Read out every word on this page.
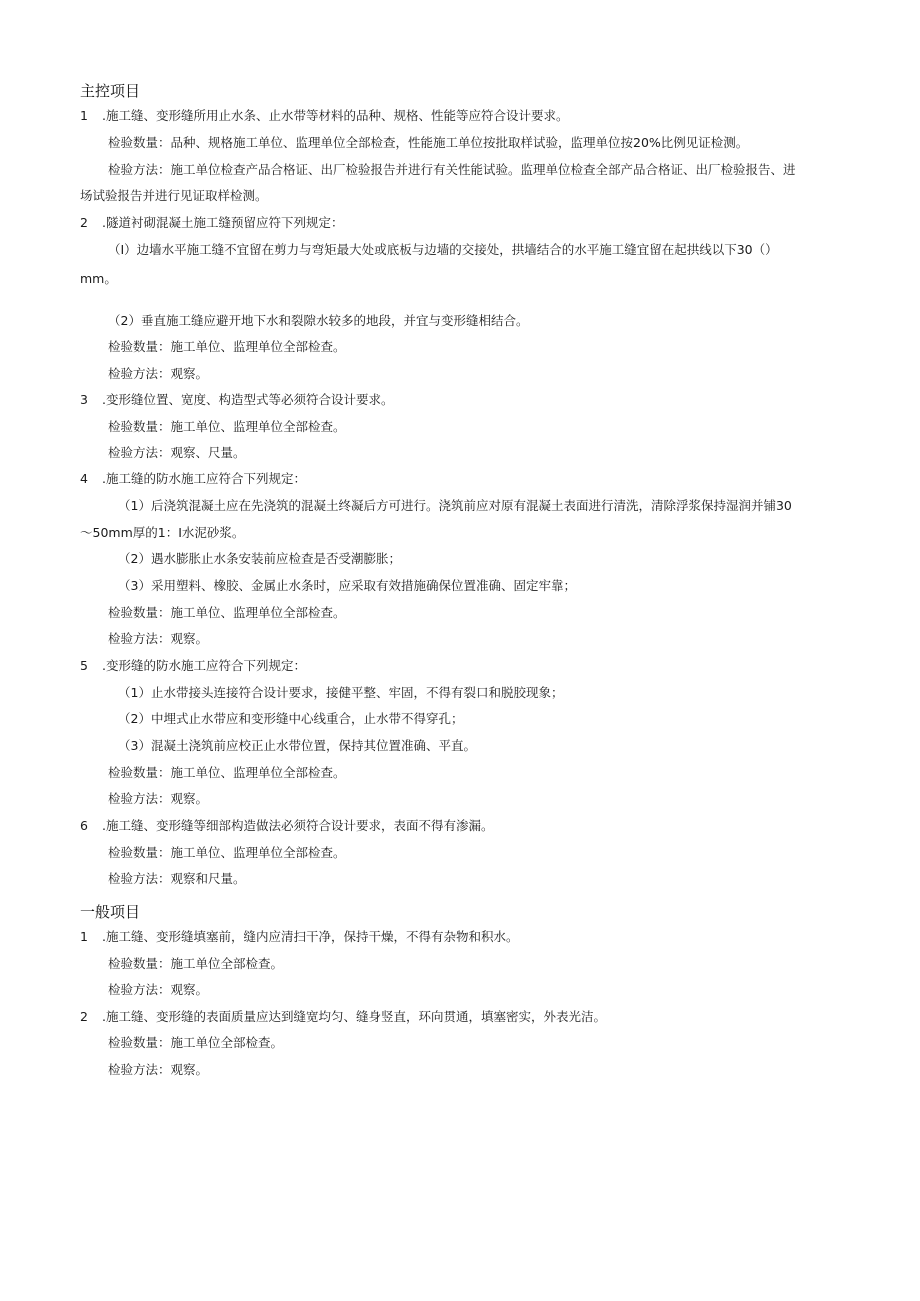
主控项目
1 .施工缝、变形缝所用止水条、止水带等材料的品种、规格、性能等应符合设计要求。
检验数量：品种、规格施工单位、监理单位全部检查，性能施工单位按批取样试验，监理单位按20%比例见证检测。
检验方法：施工单位检查产品合格证、出厂检验报告并进行有关性能试验。监理单位检查全部产品合格证、出厂检验报告、进
场试验报告并进行见证取样检测。
2 .隧道衬砌混凝土施工缝预留应符下列规定：
（I）边墙水平施工缝不宜留在剪力与弯矩最大处或底板与边墙的交接处，拱墙结合的水平施工缝宜留在起拱线以下30（）
mm。
（2）垂直施工缝应避开地下水和裂隙水较多的地段，并宜与变形缝相结合。
检验数量：施工单位、监理单位全部检查。
检验方法：观察。
3 .变形缝位置、宽度、构造型式等必须符合设计要求。
检验数量：施工单位、监理单位全部检查。
检验方法：观察、尺量。
4 .施工缝的防水施工应符合下列规定：
（1）后浇筑混凝土应在先浇筑的混凝土终凝后方可进行。浇筑前应对原有混凝土表面进行清洗，清除浮浆保持湿润并铺30
～50mm厚的1：I水泥砂浆。
（2）遇水膨胀止水条安装前应检查是否受潮膨胀；
（3）采用塑料、橡胶、金属止水条时，应采取有效措施确保位置准确、固定牢靠；
检验数量：施工单位、监理单位全部检查。
检验方法：观察。
5 .变形缝的防水施工应符合下列规定：
（1）止水带接头连接符合设计要求，接健平整、牢固，不得有裂口和脱胶现象；
（2）中埋式止水带应和变形缝中心线重合，止水带不得穿孔；
（3）混凝土浇筑前应校正止水带位置，保持其位置准确、平直。
检验数量：施工单位、监理单位全部检查。
检验方法：观察。
6 .施工缝、变形缝等细部构造做法必须符合设计要求，表面不得有渗漏。
检验数量：施工单位、监理单位全部检查。
检验方法：观察和尺量。
一般项目
1 .施工缝、变形缝填塞前，缝内应清扫干净，保持干燥，不得有杂物和积水。
检验数量：施工单位全部检查。
检验方法：观察。
2 .施工缝、变形缝的表面质量应达到缝宽均匀、缝身竖直，环向贯通，填塞密实，外表光洁。
检验数量：施工单位全部检查。
检验方法：观察。
